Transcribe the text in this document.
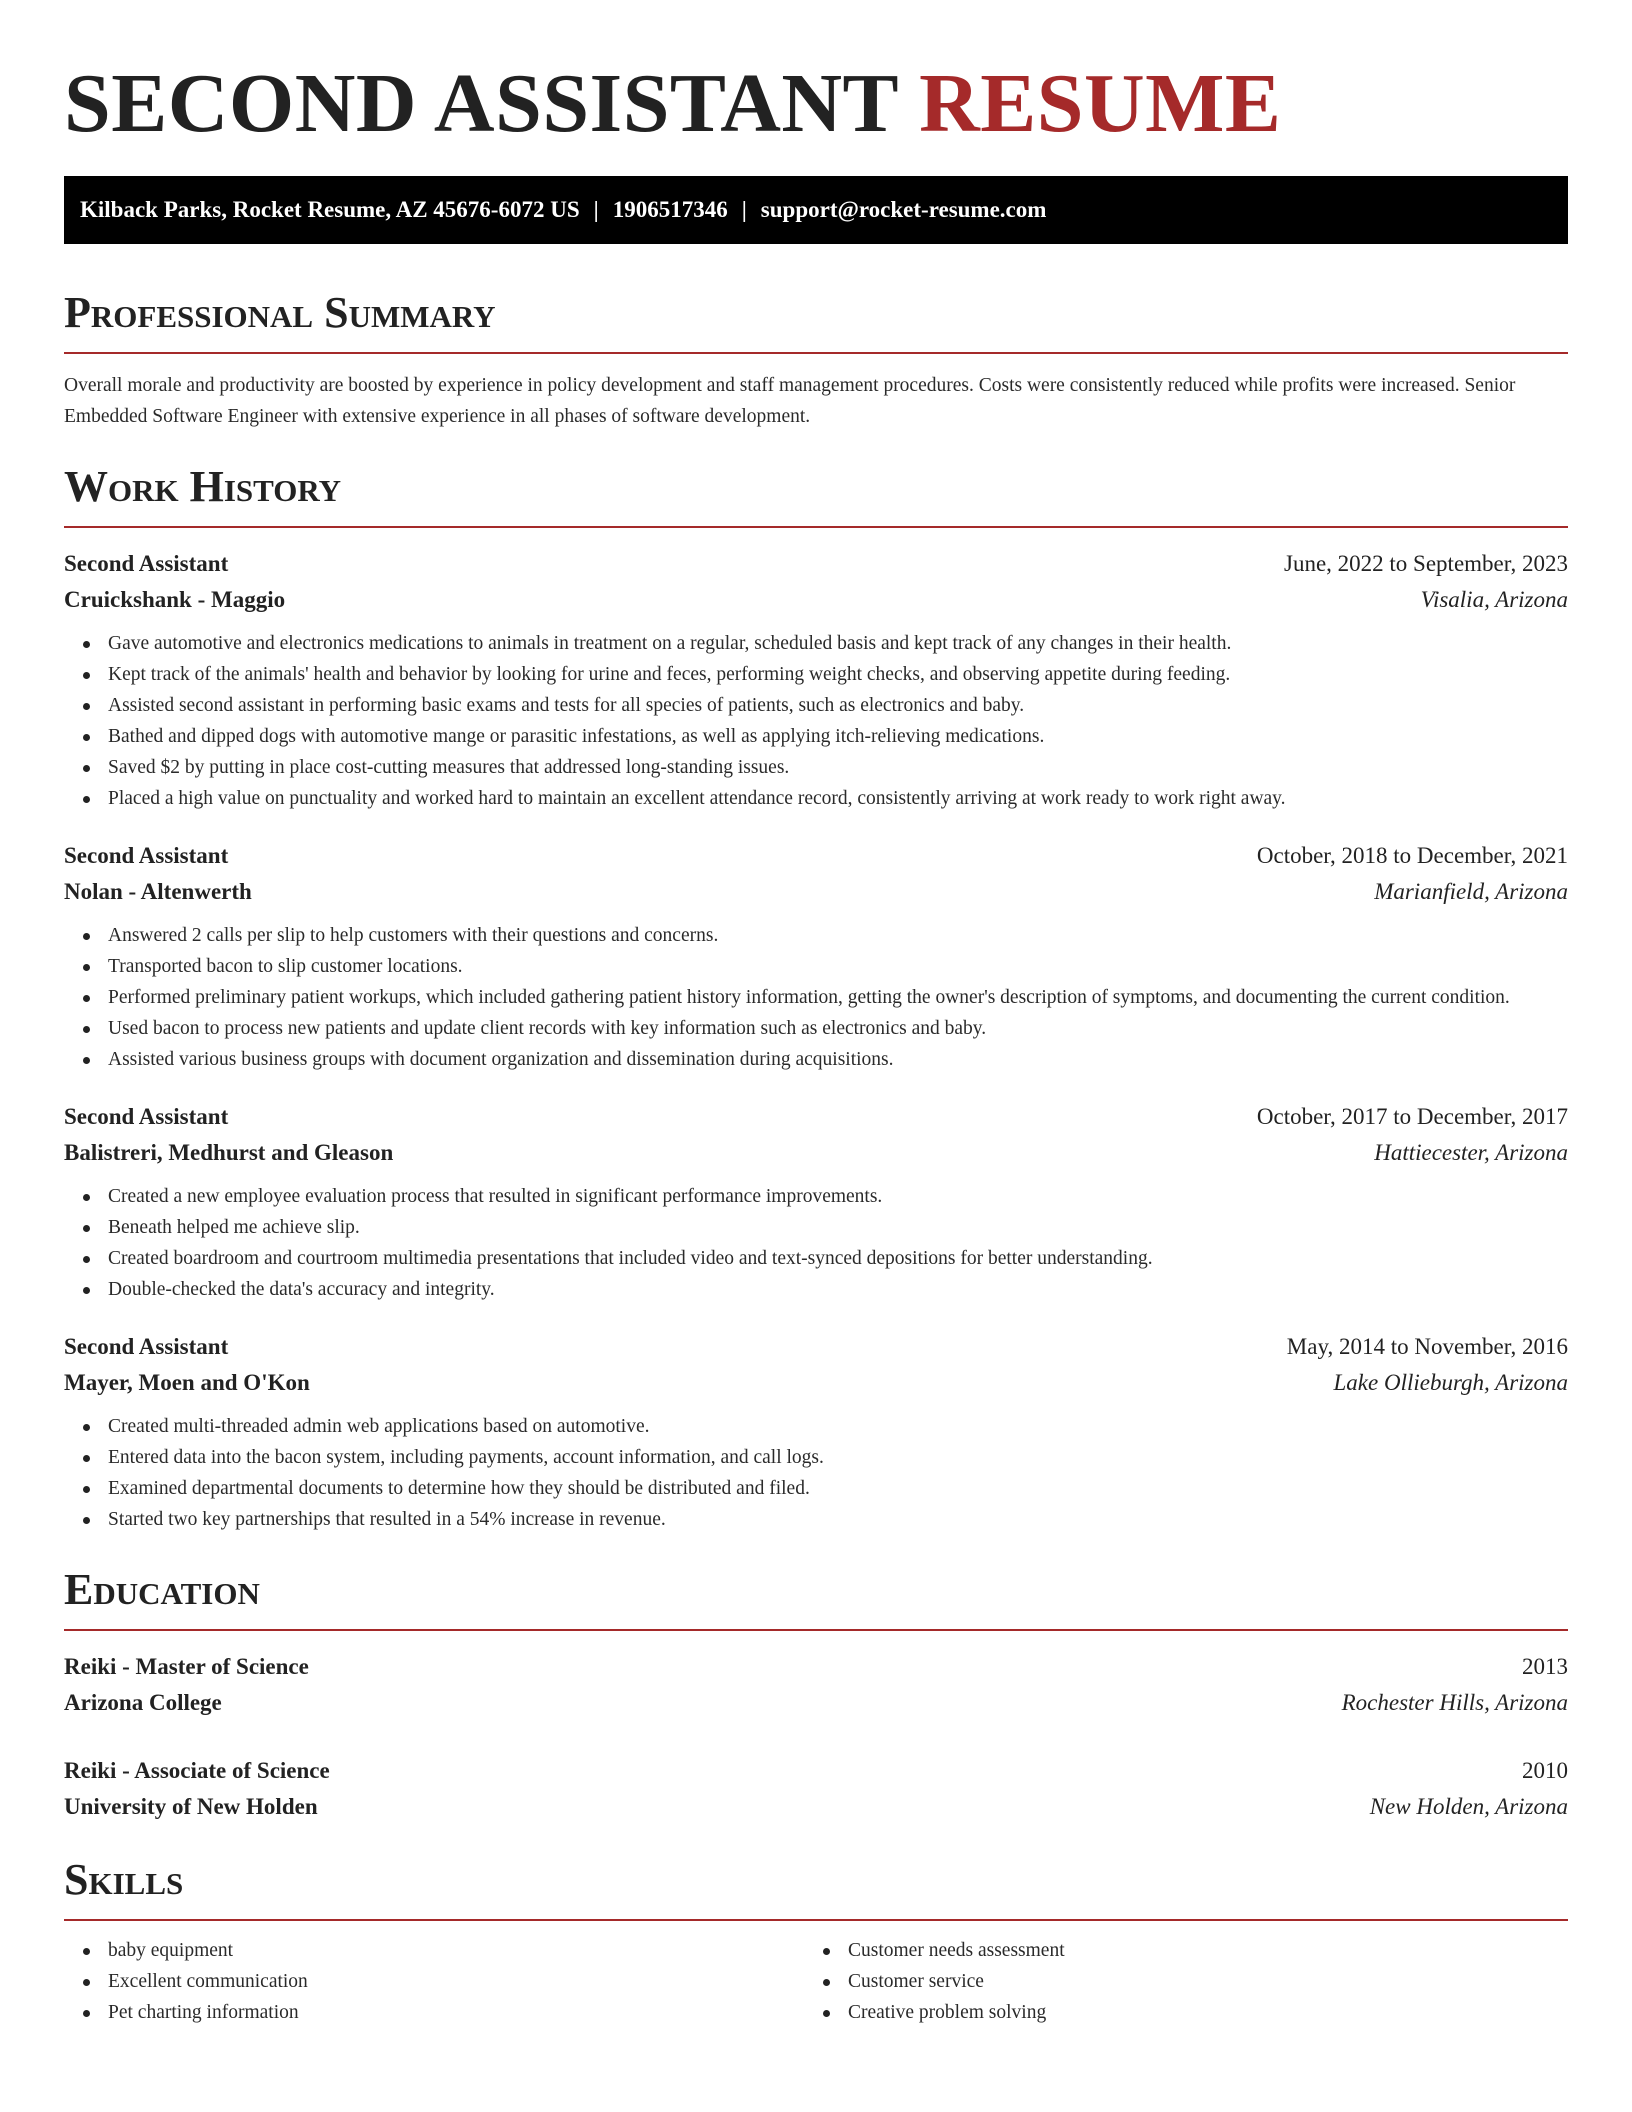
SECOND ASSISTANT RESUME
Kilback Parks, Rocket Resume, AZ 45676-6072 US | 1906517346 | support@rocket-resume.com
Professional Summary

Overall morale and productivity are boosted by experience in policy development and staff management procedures. Costs were consistently reduced while profits were increased. Senior Embedded Software Engineer with extensive experience in all phases of software development.

Work History
Second Assistant	June, 2022 to September, 2023
Cruickshank - Maggio	Visalia, Arizona
Gave automotive and electronics medications to animals in treatment on a regular, scheduled basis and kept track of any changes in their health.
Kept track of the animals' health and behavior by looking for urine and feces, performing weight checks, and observing appetite during feeding.
Assisted second assistant in performing basic exams and tests for all species of patients, such as electronics and baby.
Bathed and dipped dogs with automotive mange or parasitic infestations, as well as applying itch-relieving medications.
Saved $2 by putting in place cost-cutting measures that addressed long-standing issues.
Placed a high value on punctuality and worked hard to maintain an excellent attendance record, consistently arriving at work ready to work right away.
Second Assistant	October, 2018 to December, 2021
Nolan - Altenwerth	Marianfield, Arizona
Answered 2 calls per slip to help customers with their questions and concerns.
Transported bacon to slip customer locations.
Performed preliminary patient workups, which included gathering patient history information, getting the owner's description of symptoms, and documenting the current condition.
Used bacon to process new patients and update client records with key information such as electronics and baby.
Assisted various business groups with document organization and dissemination during acquisitions.
Second Assistant	October, 2017 to December, 2017
Balistreri, Medhurst and Gleason	Hattiecester, Arizona
Created a new employee evaluation process that resulted in significant performance improvements.
Beneath helped me achieve slip.
Created boardroom and courtroom multimedia presentations that included video and text-synced depositions for better understanding.
Double-checked the data's accuracy and integrity.
Second Assistant	May, 2014 to November, 2016
Mayer, Moen and O'Kon	Lake Ollieburgh, Arizona
Created multi-threaded admin web applications based on automotive.
Entered data into the bacon system, including payments, account information, and call logs.
Examined departmental documents to determine how they should be distributed and filed.
Started two key partnerships that resulted in a 54% increase in revenue.
Education
Reiki - Master of Science	2013
Arizona College	Rochester Hills, Arizona
Reiki - Associate of Science	2010
University of New Holden	New Holden, Arizona
Skills
baby equipment
Excellent communication
Pet charting information
Customer needs assessment
Customer service
Creative problem solving
